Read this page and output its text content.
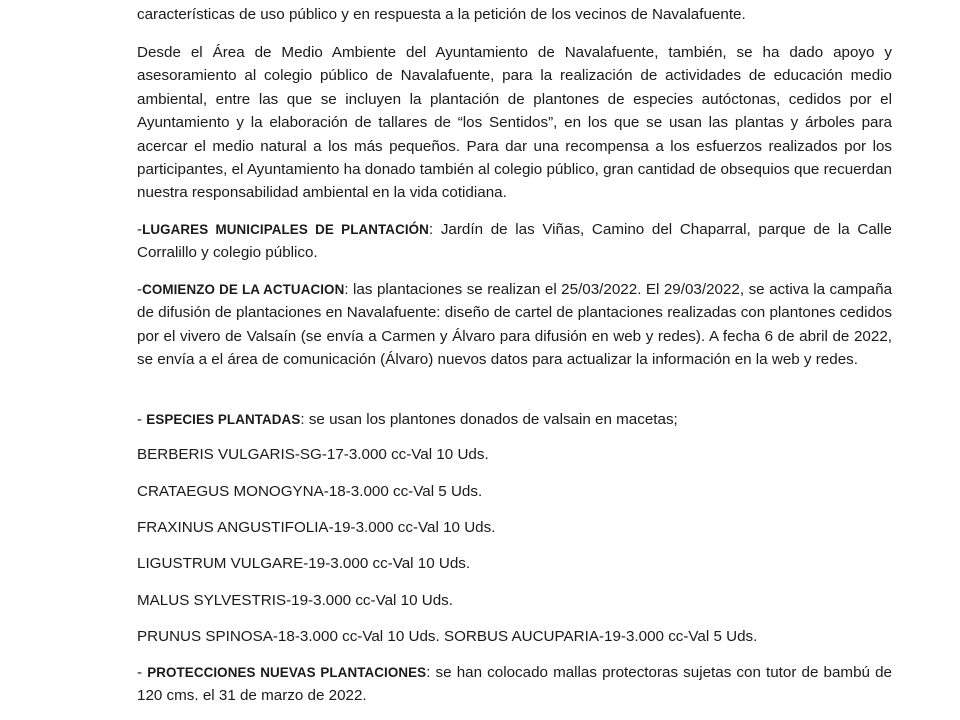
características de uso público y en respuesta a la petición de los vecinos de Navalafuente.

Desde el Área de Medio Ambiente del Ayuntamiento de Navalafuente, también, se ha dado apoyo y asesoramiento al colegio público de Navalafuente, para la realización de actividades de educación medio ambiental, entre las que se incluyen la plantación de plantones de especies autóctonas, cedidos por el Ayuntamiento y la elaboración de tallares de “los Sentidos”, en los que se usan las plantas y árboles para acercar el medio natural a los más pequeños. Para dar una recompensa a los esfuerzos realizados por los participantes, el Ayuntamiento ha donado también al colegio público, gran cantidad de obsequios que recuerdan nuestra responsabilidad ambiental en la vida cotidiana.

-LUGARES MUNICIPALES DE PLANTACIÓN: Jardín de las Viñas, Camino del Chaparral, parque de la Calle Corralillo y colegio público.

-COMIENZO DE LA ACTUACION: las plantaciones se realizan el 25/03/2022. El 29/03/2022, se activa la campaña de difusión de plantaciones en Navalafuente: diseño de cartel de plantaciones realizadas con plantones cedidos por el vivero de Valsaín (se envía a Carmen y Álvaro para difusión en web y redes). A fecha 6 de abril de 2022, se envía a el área de comunicación (Álvaro) nuevos datos para actualizar la información en la web y redes.

- ESPECIES PLANTADAS: se usan los plantones donados de valsain en macetas;

BERBERIS VULGARIS-SG-17-3.000 cc-Val 10 Uds.

CRATAEGUS MONOGYNA-18-3.000 cc-Val 5 Uds.

FRAXINUS ANGUSTIFOLIA-19-3.000 cc-Val 10 Uds.

LIGUSTRUM VULGARE-19-3.000 cc-Val 10 Uds.

MALUS SYLVESTRIS-19-3.000 cc-Val 10 Uds.

PRUNUS SPINOSA-18-3.000 cc-Val 10 Uds. SORBUS AUCUPARIA-19-3.000 cc-Val 5 Uds.

- PROTECCIONES NUEVAS PLANTACIONES: se han colocado mallas protectoras sujetas con tutor de bambú de 120 cms. el 31 de marzo de 2022.
